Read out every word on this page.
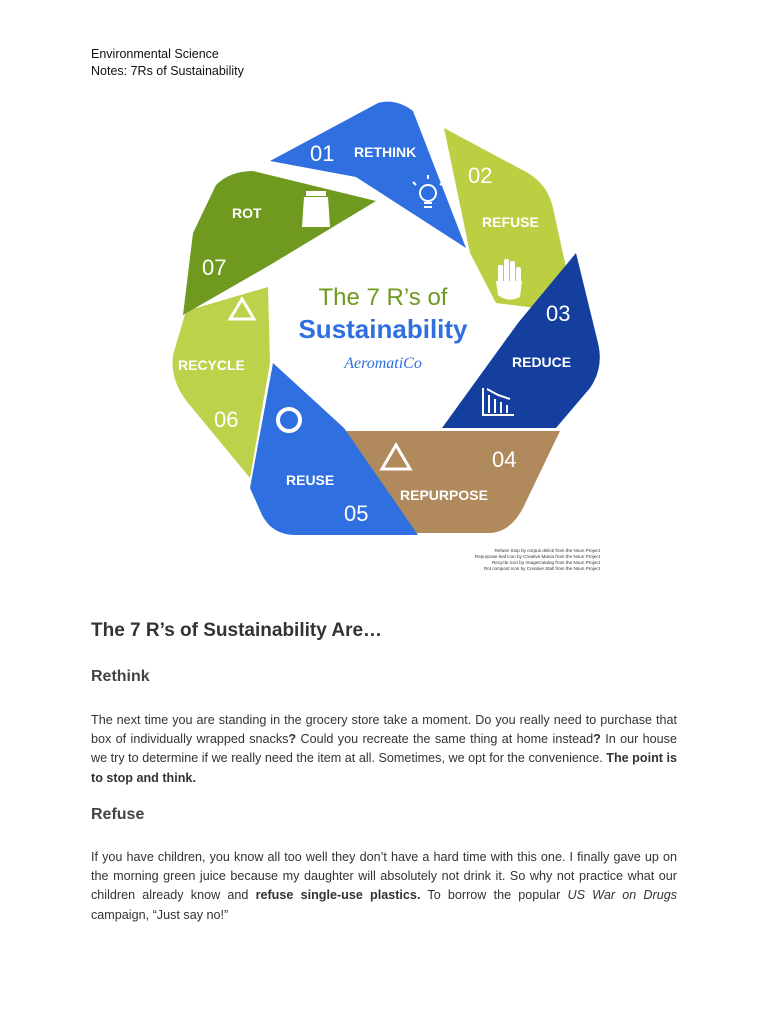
Environmental Science
Notes: 7Rs of Sustainability
01
02
03
04
05
06
07
RETHINK
REFUSE
REDUCE
REPURPOSE
REUSE
RECYCLE
ROT
The 7 R’s of
Sustainability
AeromatiCo
Refuse Stop by corpus delicti from the Noun Project
Repurpose leaf icon by Creative Mania from the Noun Project
Recycle icon by ImageCatalog from the Noun Project
Rot compost icon by Creative Stall from the Noun Project
The 7 R’s of Sustainability Are…
Rethink
The next time you are standing in the grocery store take a moment. Do you really need to purchase that box of individually wrapped snacks? Could you recreate the same thing at home instead? In our house we try to determine if we really need the item at all. Sometimes, we opt for the convenience. The point is to stop and think.
Refuse
If you have children, you know all too well they don’t have a hard time with this one. I finally gave up on the morning green juice because my daughter will absolutely not drink it. So why not practice what our children already know and refuse single-use plastics. To borrow the popular US War on Drugs campaign, “Just say no!”
